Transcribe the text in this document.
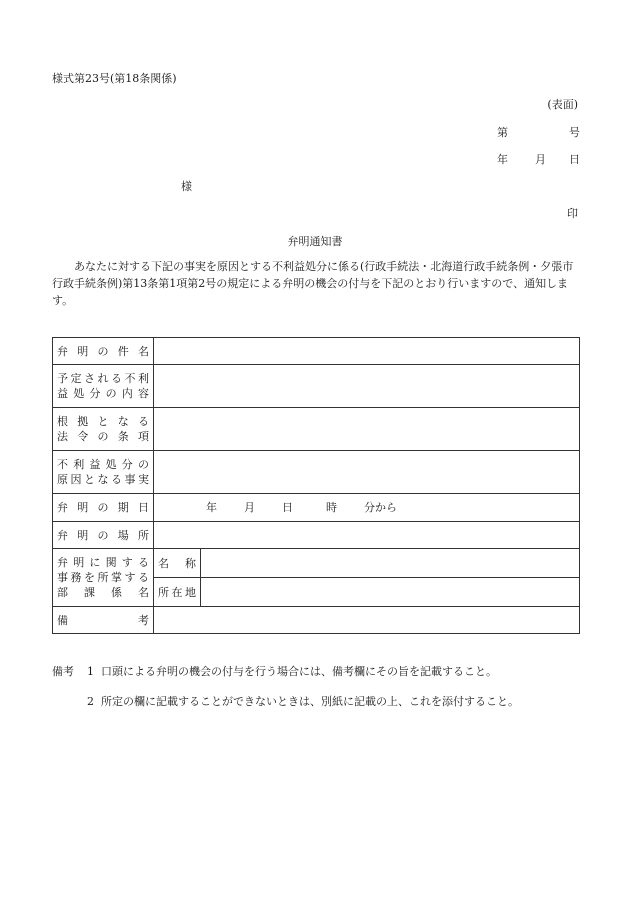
様式第23号(第18条関係)
(表面)
第	号
年 月 日
様
印
弁明通知書
あなたに対する下記の事実を原因とする不利益処分に係る(行政手続法・北海道行政手続条例・夕張市行政手続条例)第13条第1項第2号の規定による弁明の機会の付与を下記のとおり行いますので、通知します。
弁明の件名		

予定される不利
益処分の内容		

根拠となる
法令の条項		

不利益処分の
原因となる事実		

弁明の期日	年 月 日 時 分から	

弁明の場所		

弁明に関する
事務を所掌する
部課係名	名 称	

	所在地	

備考		

備考 1 口頭による弁明の機会の付与を行う場合には、備考欄にその旨を記載すること。
2 所定の欄に記載することができないときは、別紙に記載の上、これを添付すること。
